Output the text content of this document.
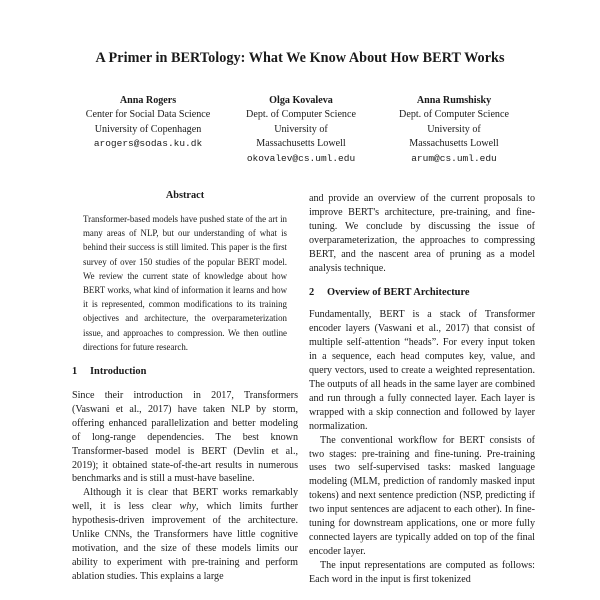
A Primer in BERTology: What We Know About How BERT Works
Anna Rogers
Center for Social Data Science
University of Copenhagen
arogers@sodas.ku.dk
Olga Kovaleva
Dept. of Computer Science
University of
Massachusetts Lowell
okovalev@cs.uml.edu
Anna Rumshisky
Dept. of Computer Science
University of
Massachusetts Lowell
arum@cs.uml.edu
Abstract

Transformer-based models have pushed state of the art in many areas of NLP, but our understanding of what is behind their success is still limited. This paper is the first survey of over 150 studies of the popular BERT model. We review the current state of knowledge about how BERT works, what kind of information it learns and how it is represented, common modifications to its training objectives and architecture, the overparameterization issue, and approaches to compression. We then outline directions for future research.

1 Introduction

Since their introduction in 2017, Transformers (Vaswani et al., 2017) have taken NLP by storm, offering enhanced parallelization and better modeling of long-range dependencies. The best known Transformer-based model is BERT (Devlin et al., 2019); it obtained state-of-the-art results in numerous benchmarks and is still a must-have baseline.

Although it is clear that BERT works remarkably well, it is less clear why, which limits further hypothesis-driven improvement of the architecture. Unlike CNNs, the Transformers have little cognitive motivation, and the size of these models limits our ability to experiment with pre-training and perform ablation studies. This explains a large

and provide an overview of the current proposals to improve BERT's architecture, pre-training, and fine-tuning. We conclude by discussing the issue of overparameterization, the approaches to compressing BERT, and the nascent area of pruning as a model analysis technique.

2 Overview of BERT Architecture

Fundamentally, BERT is a stack of Transformer encoder layers (Vaswani et al., 2017) that consist of multiple self-attention “heads”. For every input token in a sequence, each head computes key, value, and query vectors, used to create a weighted representation. The outputs of all heads in the same layer are combined and run through a fully connected layer. Each layer is wrapped with a skip connection and followed by layer normalization.

The conventional workflow for BERT consists of two stages: pre-training and fine-tuning. Pre-training uses two self-supervised tasks: masked language modeling (MLM, prediction of randomly masked input tokens) and next sentence prediction (NSP, predicting if two input sentences are adjacent to each other). In fine-tuning for downstream applications, one or more fully connected layers are typically added on top of the final encoder layer.

The input representations are computed as follows: Each word in the input is first tokenized
